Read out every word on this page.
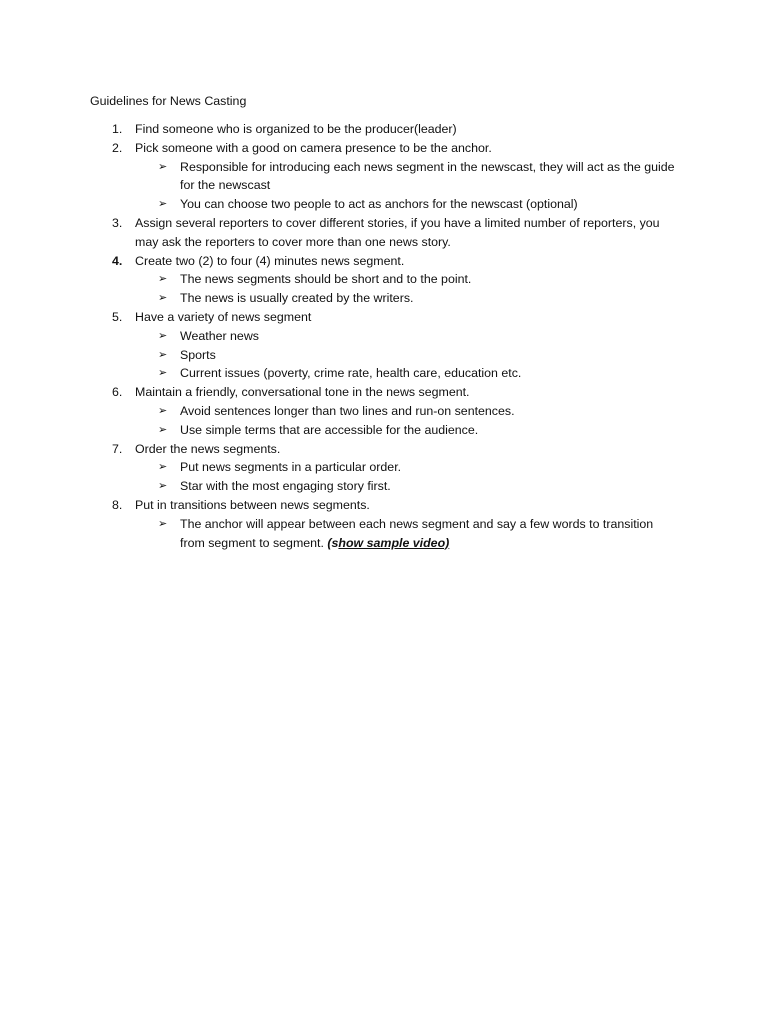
Guidelines for News Casting
1. Find someone who is organized to be the producer(leader)
2. Pick someone with a good on camera presence to be the anchor.
➢ Responsible for introducing each news segment in the newscast, they will act as the guide for the newscast
➢ You can choose two people to act as anchors for the newscast (optional)
3. Assign several reporters to cover different stories, if you have a limited number of reporters, you may ask the reporters to cover more than one news story.
4. Create two (2) to four (4) minutes news segment.
➢ The news segments should be short and to the point.
➢ The news is usually created by the writers.
5. Have a variety of news segment
➢ Weather news
➢ Sports
➢ Current issues (poverty, crime rate, health care, education etc.
6. Maintain a friendly, conversational tone in the news segment.
➢ Avoid sentences longer than two lines and run-on sentences.
➢ Use simple terms that are accessible for the audience.
7. Order the news segments.
➢ Put news segments in a particular order.
➢ Star with the most engaging story first.
8. Put in transitions between news segments.
➢ The anchor will appear between each news segment and say a few words to transition from segment to segment. (show sample video)
